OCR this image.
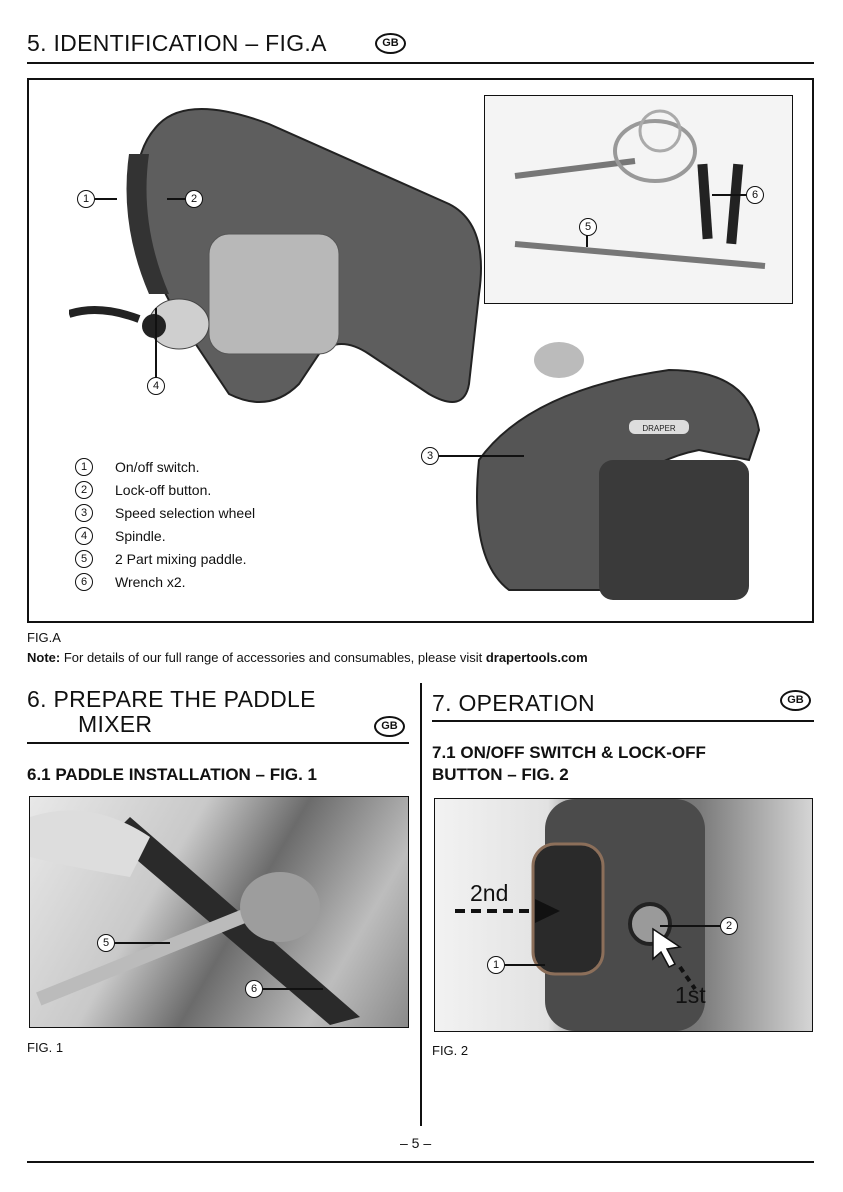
5. IDENTIFICATION – FIG.A	GB
DRAPER
1	2
4
3
5
6
1	On/off switch.
2	Lock-off button.
3	Speed selection wheel
4	Spindle.
5	2 Part mixing paddle.
6	Wrench x2.
FIG.A
Note: For details of our full range of accessories and consumables, please visit drapertools.com
6. PREPARE THE PADDLE
MIXER	GB
6.1 PADDLE INSTALLATION – FIG. 1
5
6
FIG. 1
7. OPERATION	GB
7.1 ON/OFF SWITCH & LOCK-OFF
BUTTON – FIG. 2
2nd
1st
1
2
FIG. 2
– 5 –
